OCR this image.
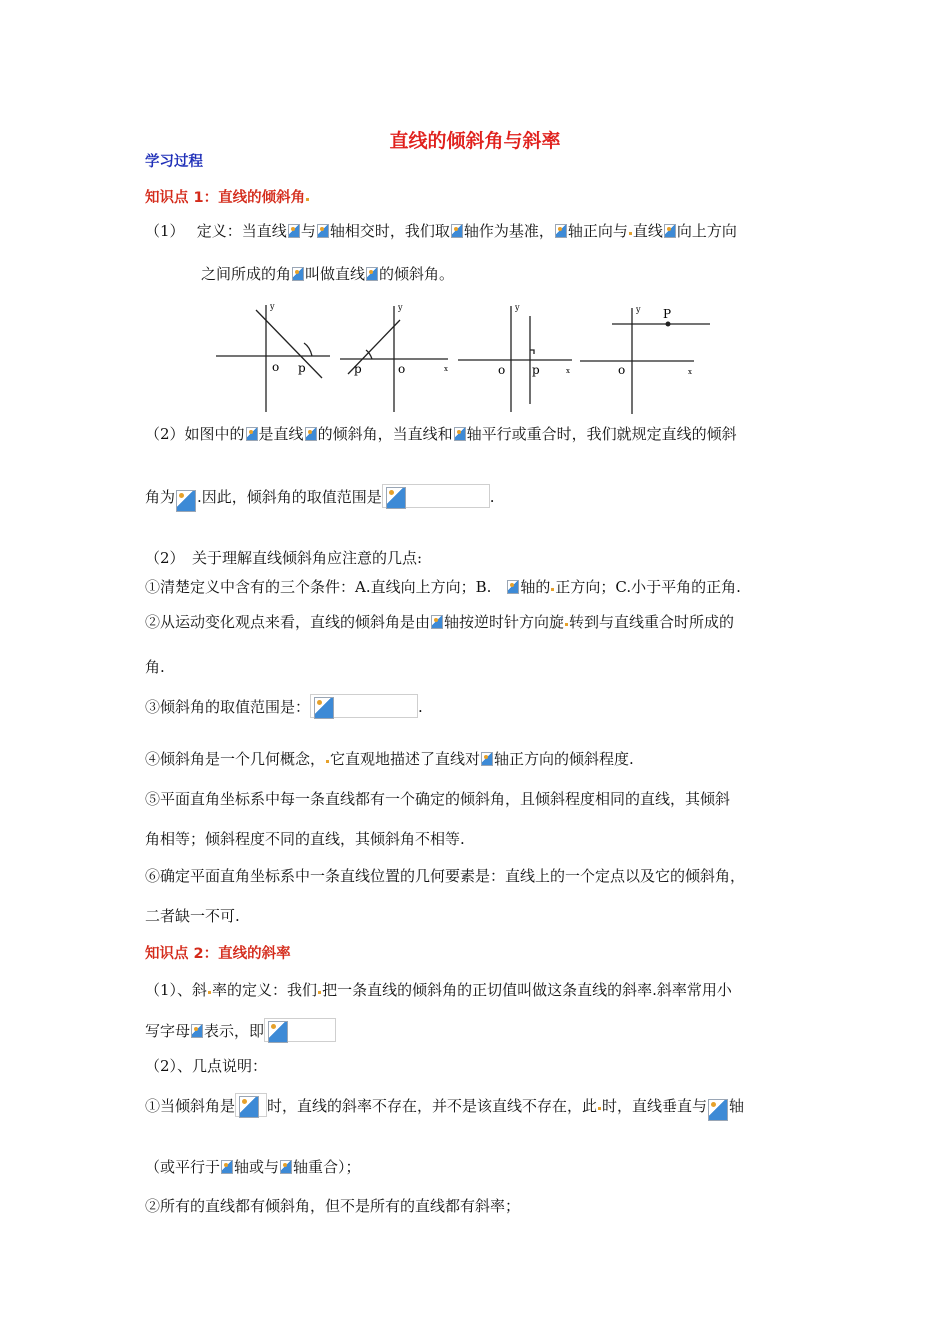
直线的倾斜角与斜率
学习过程
知识点 1：直线的倾斜角
（1）　 定义：当直线 与 轴相交时，我们取 轴作为基准， 轴正向与 直线 向上方向
之间所成的角 叫做直线 的倾斜角。
y
o p
y
p	o	x
y
o p	x
y P
o	x
（2）如图中的 是直线 的倾斜角，当直线和 轴平行或重合时，我们就规定直线的倾斜
角为 .因此，倾斜角的取值范围是	.
（2）　关于理解直线倾斜角应注意的几点:
①清楚定义中含有的三个条件：A.直线向上方向；B.　轴的 正方向；C.小于平角的正角.
②从运动变化观点来看，直线的倾斜角是由 轴按逆时针方向旋 转到与直线重合时所成的
角.
③倾斜角的取值范围是：	.
④倾斜角是一个几何概念， 它直观地描述了直线对 轴正方向的倾斜程度.
⑤平面直角坐标系中每一条直线都有一个确定的倾斜角，且倾斜程度相同的直线，其倾斜
角相等；倾斜程度不同的直线，其倾斜角不相等.
⑥确定平面直角坐标系中一条直线位置的几何要素是：直线上的一个定点以及它的倾斜角，
二者缺一不可.
知识点 2：直线的斜率
（1）、斜 率的定义：我们 把一条直线的倾斜角的正切值叫做这条直线的斜率.斜率常用小
写字母 表示，即
（2）、几点说明：
①当倾斜角是 时，直线的斜率不存在，并不是该直线不存在，此 时，直线垂直与 轴
（或平行于 轴或与 轴重合）；
②所有的直线都有倾斜角，但不是所有的直线都有斜率；
